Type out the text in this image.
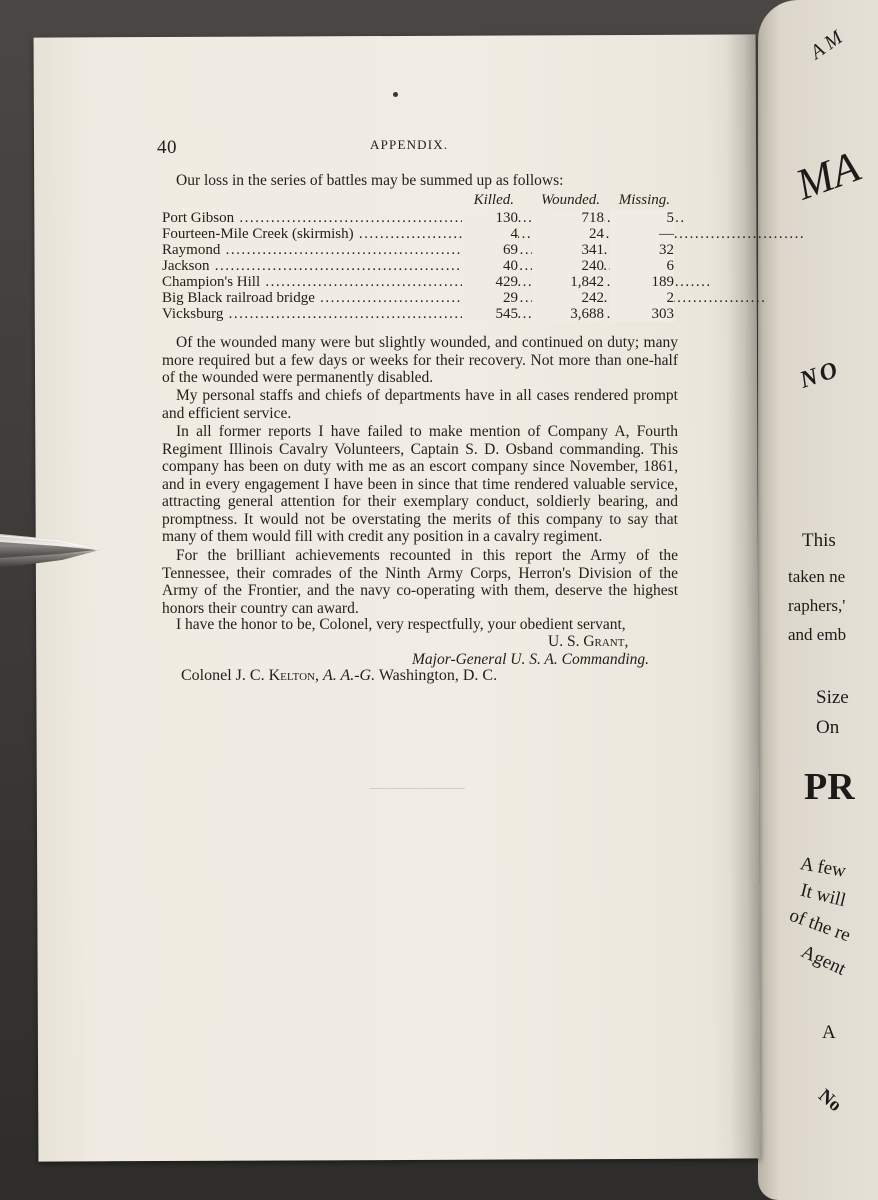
A M
MA
NO
This
taken ne
raphers,'
and emb
Size
On
PR
A few
It will
of the re
Agent
A
No
40	APPENDIX.
Our loss in the series of battles may be summed up as follows:
Killed.	Wounded.	Missing.
Port Gibson .....	130	718	5
Fourteen-Mile Creek (skirmish) .....	4	24	—
Raymond .....	69	341	32
Jackson .....	40	240	6
Champion's Hill .....	429	1,842	189
Big Black railroad bridge .....	29	242	2
Vicksburg .....	545	3,688	303

Of the wounded many were but slightly wounded, and continued on duty; many more required but a few days or weeks for their recovery. Not more than one-half of the wounded were permanently disabled.

My personal staffs and chiefs of departments have in all cases rendered prompt and efficient service.

In all former reports I have failed to make mention of Company A, Fourth Regiment Illinois Cavalry Volunteers, Captain S. D. Osband commanding. This company has been on duty with me as an escort company since November, 1861, and in every engagement I have been in since that time rendered valuable service, attracting general attention for their exemplary conduct, soldierly bearing, and promptness. It would not be overstating the merits of this company to say that many of them would fill with credit any position in a cavalry regiment.

For the brilliant achievements recounted in this report the Army of the Tennessee, their comrades of the Ninth Army Corps, Herron's Division of the Army of the Frontier, and the navy co-operating with them, deserve the highest honors their country can award.

I have the honor to be, Colonel, very respectfully, your obedient servant,

U. S. Grant,
Major-General U. S. A. Commanding.
Colonel J. C. Kelton, A. A.-G. Washington, D. C.
